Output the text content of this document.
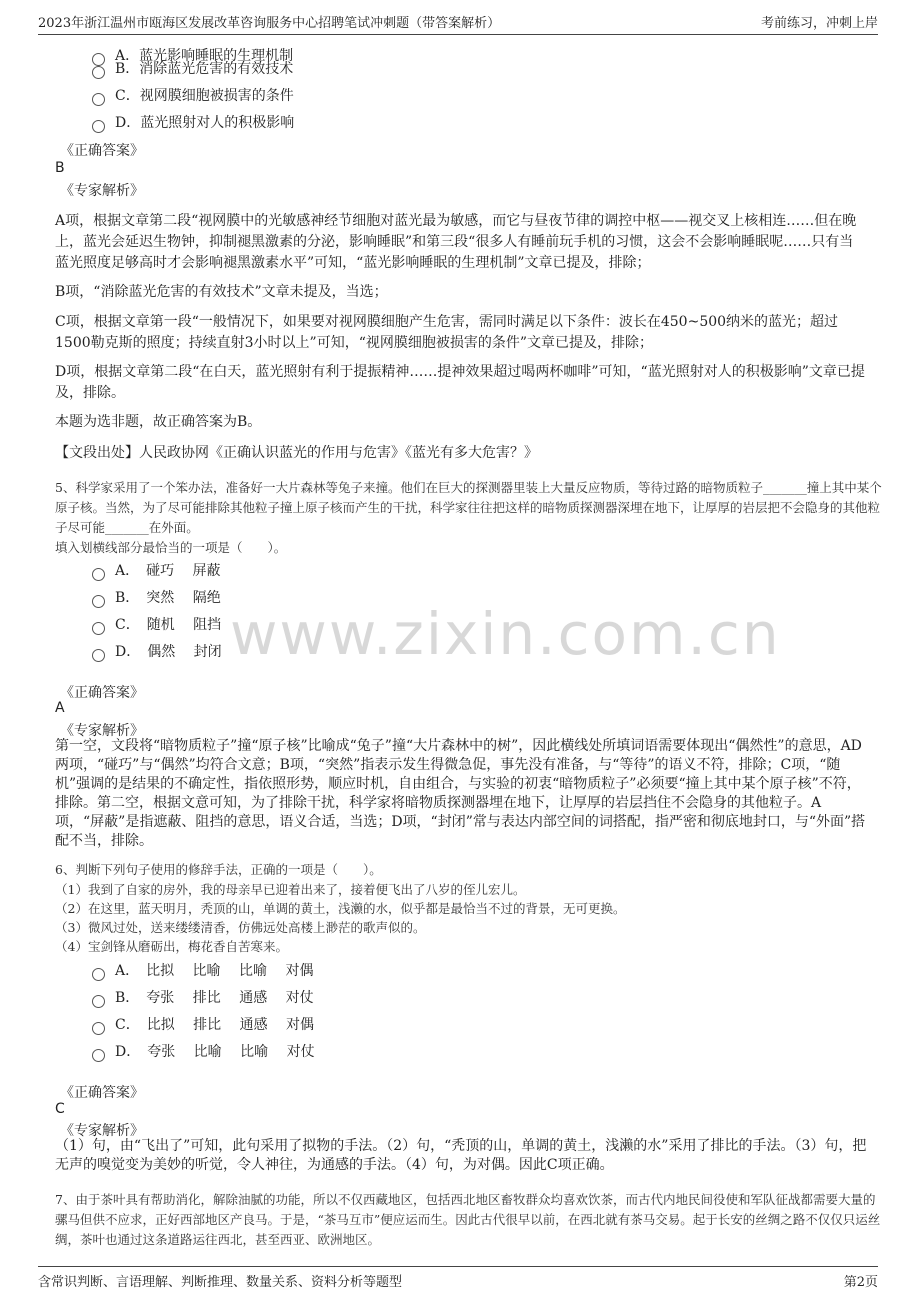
2023年浙江温州市瓯海区发展改革咨询服务中心招聘笔试冲刺题（带答案解析）	考前练习，冲刺上岸
www.zixin.com.cn
A．蓝光影响睡眠的生理机制
B．消除蓝光危害的有效技术
C．视网膜细胞被损害的条件
D．蓝光照射对人的积极影响
《正确答案》
B
《专家解析》
A项，根据文章第二段“视网膜中的光敏感神经节细胞对蓝光最为敏感，而它与昼夜节律的调控中枢——视交叉上核相连……但在晚上，蓝光会延迟生物钟，抑制褪黑激素的分泌，影响睡眠”和第三段“很多人有睡前玩手机的习惯，这会不会影响睡眠呢……只有当蓝光照度足够高时才会影响褪黑激素水平”可知，“蓝光影响睡眠的生理机制”文章已提及，排除；
B项，“消除蓝光危害的有效技术”文章未提及，当选；
C项，根据文章第一段“一般情况下，如果要对视网膜细胞产生危害，需同时满足以下条件：波长在450~500纳米的蓝光；超过1500勒克斯的照度；持续直射3小时以上”可知，“视网膜细胞被损害的条件”文章已提及，排除；
D项，根据文章第二段“在白天，蓝光照射有利于提振精神……提神效果超过喝两杯咖啡”可知，“蓝光照射对人的积极影响”文章已提及，排除。
本题为选非题，故正确答案为B。
【文段出处】人民政协网《正确认识蓝光的作用与危害》《蓝光有多大危害？》
5、科学家采用了一个笨办法，准备好一大片森林等兔子来撞。他们在巨大的探测器里装上大量反应物质，等待过路的暗物质粒子_______撞上其中某个原子核。当然，为了尽可能排除其他粒子撞上原子核而产生的干扰，科学家往往把这样的暗物质探测器深埋在地下，让厚厚的岩层把不会隐身的其他粒子尽可能_______在外面。
填入划横线部分最恰当的一项是（　　）。
A．　碰巧　 屏蔽
B．　突然　 隔绝
C．　随机　 阻挡
D．　偶然　 封闭
《正确答案》
A
《专家解析》
第一空，文段将“暗物质粒子”撞“原子核”比喻成“兔子”撞“大片森林中的树”，因此横线处所填词语需要体现出“偶然性”的意思，AD两项，“碰巧”与“偶然”均符合文意；B项，“突然”指表示发生得微急促，事先没有准备，与“等待”的语义不符，排除；C项，“随机”强调的是结果的不确定性，指依照形势，顺应时机，自由组合，与实验的初衷“暗物质粒子”必须要“撞上其中某个原子核”不符，排除。第二空，根据文意可知，为了排除干扰，科学家将暗物质探测器埋在地下，让厚厚的岩层挡住不会隐身的其他粒子。A项，“屏蔽”是指遮蔽、阻挡的意思，语义合适，当选；D项，“封闭”常与表达内部空间的词搭配，指严密和彻底地封口，与“外面”搭配不当，排除。
6、判断下列句子使用的修辞手法，正确的一项是（　　）。
（1）我到了自家的房外，我的母亲早已迎着出来了，接着便飞出了八岁的侄儿宏儿。
（2）在这里，蓝天明月，秃顶的山，单调的黄土，浅濑的水，似乎都是最恰当不过的背景，无可更换。
（3）微风过处，送来缕缕清香，仿佛远处高楼上渺茫的歌声似的。
（4）宝剑锋从磨砺出，梅花香自苦寒来。
A．　比拟　 比喻　 比喻　 对偶
B．　夸张　 排比　 通感　 对仗
C．　比拟　 排比　 通感　 对偶
D．　夸张　 比喻　 比喻　 对仗
《正确答案》
C
《专家解析》
（1）句，由“飞出了”可知，此句采用了拟物的手法。（2）句，“秃顶的山，单调的黄土，浅濑的水”采用了排比的手法。（3）句，把无声的嗅觉变为美妙的听觉，令人神往，为通感的手法。（4）句，为对偶。因此C项正确。
7、由于茶叶具有帮助消化，解除油腻的功能，所以不仅西藏地区，包括西北地区畜牧群众均喜欢饮茶，而古代内地民间役使和军队征战都需要大量的骡马但供不应求，正好西部地区产良马。于是，“茶马互市”便应运而生。因此古代很早以前，在西北就有茶马交易。起于长安的丝绸之路不仅仅只运丝绸，茶叶也通过这条道路运往西北，甚至西亚、欧洲地区。
含常识判断、言语理解、判断推理、数量关系、资料分析等题型	第2页
